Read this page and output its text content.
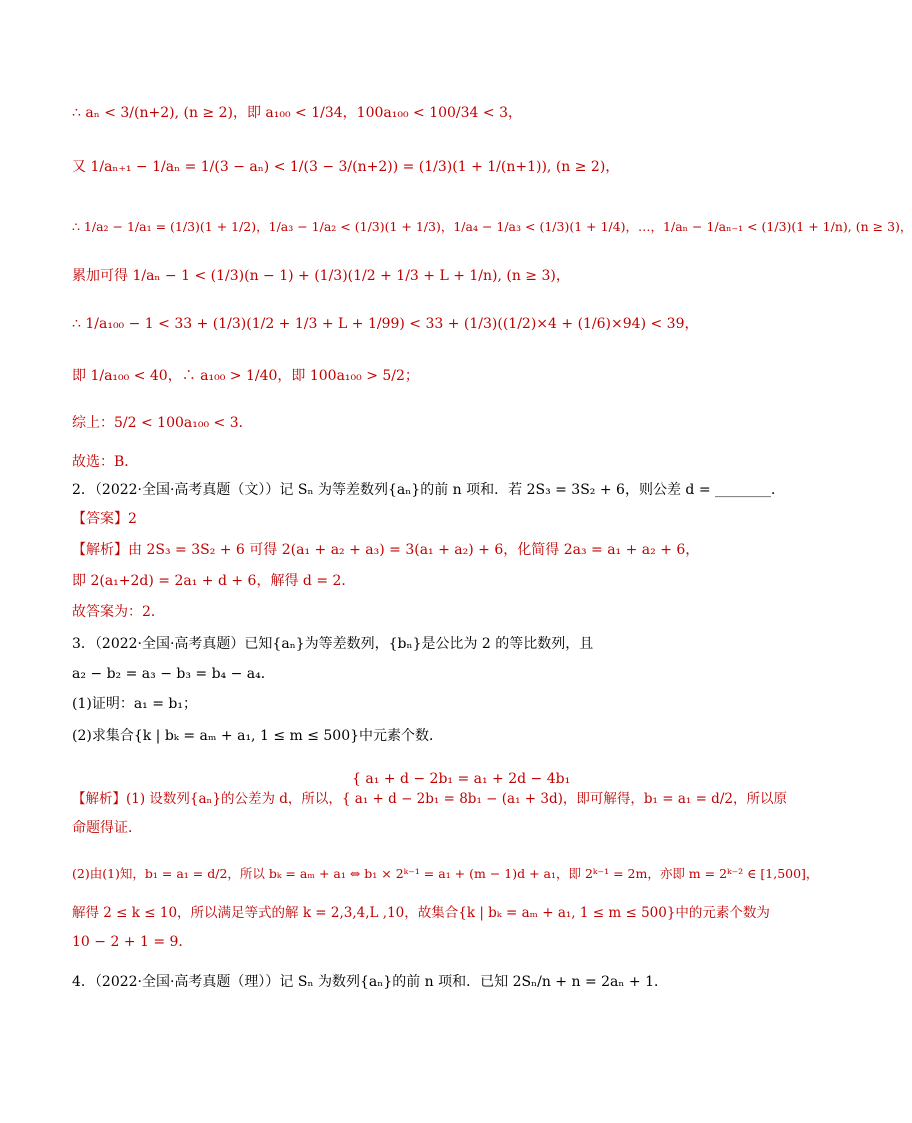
∴ aₙ < 3/(n+2), (n ≥ 2)，即 a₁₀₀ < 1/34，100a₁₀₀ < 100/34 < 3，
又 1/aₙ₊₁ − 1/aₙ = 1/(3 − aₙ) < 1/(3 − 3/(n+2)) = (1/3)(1 + 1/(n+1)), (n ≥ 2)，
∴ 1/a₂ − 1/a₁ = (1/3)(1 + 1/2)，1/a₃ − 1/a₂ < (1/3)(1 + 1/3)，1/a₄ − 1/a₃ < (1/3)(1 + 1/4)，…，1/aₙ − 1/aₙ₋₁ < (1/3)(1 + 1/n), (n ≥ 3)，
累加可得 1/aₙ − 1 < (1/3)(n − 1) + (1/3)(1/2 + 1/3 + L + 1/n), (n ≥ 3)，
∴ 1/a₁₀₀ − 1 < 33 + (1/3)(1/2 + 1/3 + L + 1/99) < 33 + (1/3)((1/2)×4 + (1/6)×94) < 39，
即 1/a₁₀₀ < 40，∴ a₁₀₀ > 1/40，即 100a₁₀₀ > 5/2；
综上：5/2 < 100a₁₀₀ < 3．
故选：B．
2．（2022·全国·高考真题（文））记 Sₙ 为等差数列{aₙ}的前 n 项和．若 2S₃ = 3S₂ + 6，则公差 d = ________．
【答案】2
【解析】由 2S₃ = 3S₂ + 6 可得 2(a₁ + a₂ + a₃) = 3(a₁ + a₂) + 6，化简得 2a₃ = a₁ + a₂ + 6，
即 2(a₁+2d) = 2a₁ + d + 6，解得 d = 2．
故答案为：2．
3．（2022·全国·高考真题）已知{aₙ}为等差数列，{bₙ}是公比为 2 的等比数列，且
a₂ − b₂ = a₃ − b₃ = b₄ − a₄．
(1)证明：a₁ = b₁；
(2)求集合{k | bₖ = aₘ + a₁, 1 ≤ m ≤ 500}中元素个数．
{ a₁ + d − 2b₁ = a₁ + 2d − 4b₁
【解析】(1) 设数列{aₙ}的公差为 d，所以，{ a₁ + d − 2b₁ = 8b₁ − (a₁ + 3d)，即可解得，b₁ = a₁ = d/2，所以原
命题得证．
(2)由(1)知，b₁ = a₁ = d/2，所以 bₖ = aₘ + a₁ ⇔ b₁ × 2ᵏ⁻¹ = a₁ + (m − 1)d + a₁，即 2ᵏ⁻¹ = 2m，亦即 m = 2ᵏ⁻² ∈ [1,500]，
解得 2 ≤ k ≤ 10，所以满足等式的解 k = 2,3,4,L ,10，故集合{k | bₖ = aₘ + a₁, 1 ≤ m ≤ 500}中的元素个数为
10 − 2 + 1 = 9．
4．（2022·全国·高考真题（理））记 Sₙ 为数列{aₙ}的前 n 项和．已知 2Sₙ/n + n = 2aₙ + 1．
